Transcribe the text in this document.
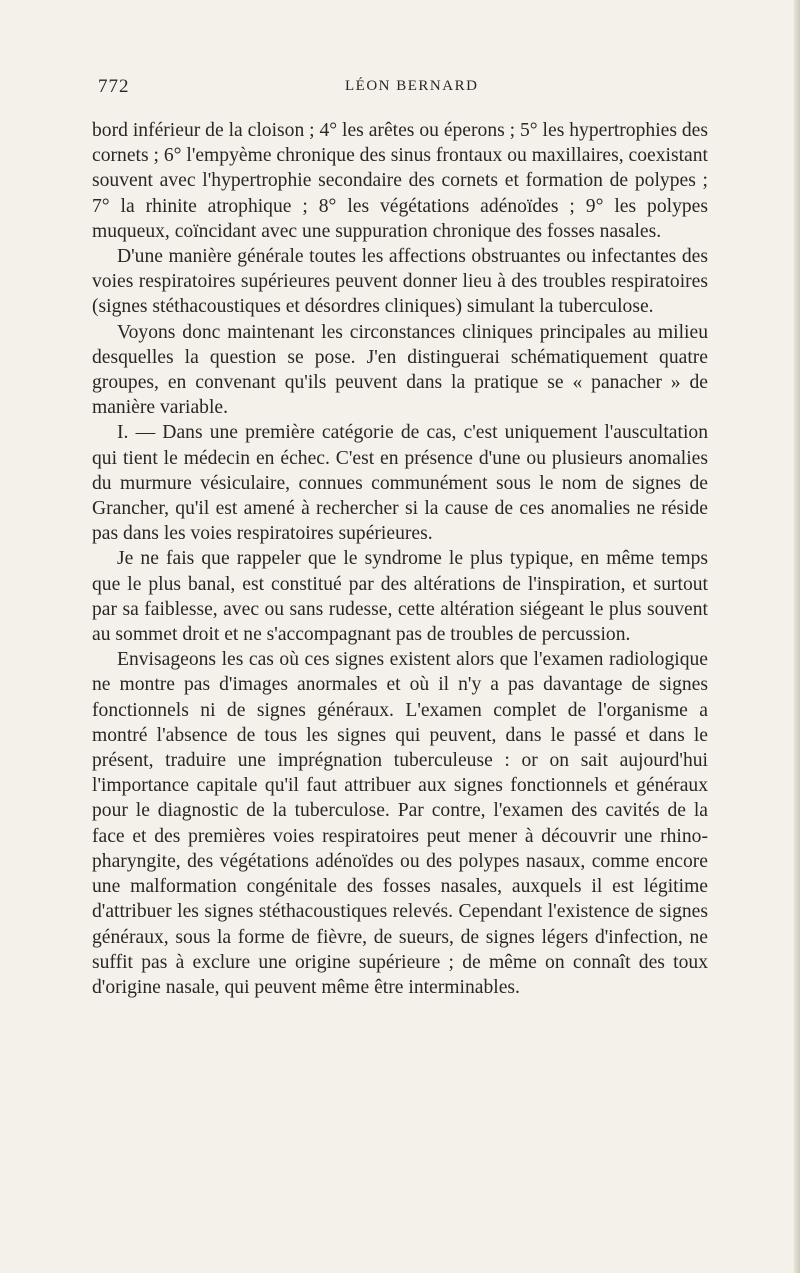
772	LÉON BERNARD

bord inférieur de la cloison ; 4° les arêtes ou éperons ; 5° les hypertrophies des cornets ; 6° l'empyème chronique des sinus frontaux ou maxillaires, coexistant souvent avec l'hypertrophie secondaire des cornets et formation de polypes ; 7° la rhinite atrophique ; 8° les végétations adénoïdes ; 9° les polypes muqueux, coïncidant avec une suppuration chronique des fosses nasales.

D'une manière générale toutes les affections obstruantes ou infectantes des voies respiratoires supérieures peuvent donner lieu à des troubles respiratoires (signes stéthacoustiques et désordres cliniques) simulant la tuberculose.

Voyons donc maintenant les circonstances cliniques principales au milieu desquelles la question se pose. J'en distinguerai schématiquement quatre groupes, en convenant qu'ils peuvent dans la pratique se « panacher » de manière variable.

I. — Dans une première catégorie de cas, c'est uniquement l'auscultation qui tient le médecin en échec. C'est en présence d'une ou plusieurs anomalies du murmure vésiculaire, connues communément sous le nom de signes de Grancher, qu'il est amené à rechercher si la cause de ces anomalies ne réside pas dans les voies respiratoires supérieures.

Je ne fais que rappeler que le syndrome le plus typique, en même temps que le plus banal, est constitué par des altérations de l'inspiration, et surtout par sa faiblesse, avec ou sans rudesse, cette altération siégeant le plus souvent au sommet droit et ne s'accompagnant pas de troubles de percussion.

Envisageons les cas où ces signes existent alors que l'examen radiologique ne montre pas d'images anormales et où il n'y a pas davantage de signes fonctionnels ni de signes généraux. L'examen complet de l'organisme a montré l'absence de tous les signes qui peuvent, dans le passé et dans le présent, traduire une imprégnation tuberculeuse : or on sait aujourd'hui l'importance capitale qu'il faut attribuer aux signes fonctionnels et généraux pour le diagnostic de la tuberculose. Par contre, l'examen des cavités de la face et des premières voies respiratoires peut mener à découvrir une rhino-pharyngite, des végétations adénoïdes ou des polypes nasaux, comme encore une malformation congénitale des fosses nasales, auxquels il est légitime d'attribuer les signes stéthacoustiques relevés. Cependant l'existence de signes généraux, sous la forme de fièvre, de sueurs, de signes légers d'infection, ne suffit pas à exclure une origine supérieure ; de même on connaît des toux d'origine nasale, qui peuvent même être interminables.
